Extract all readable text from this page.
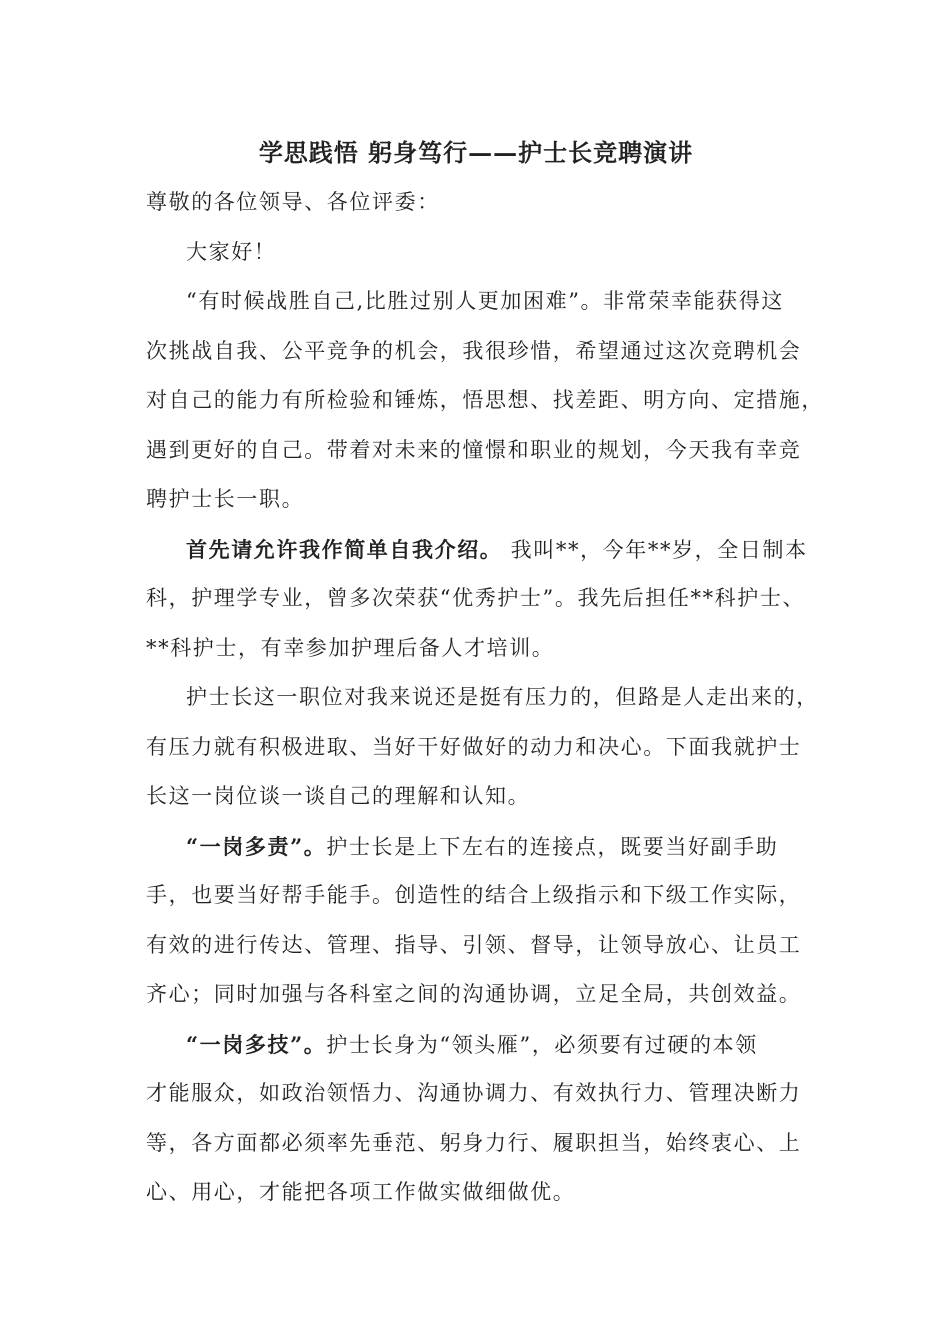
学思践悟 躬身笃行——护士长竞聘演讲
尊敬的各位领导、各位评委：
大家好！
“有时候战胜自己,比胜过别人更加困难”。非常荣幸能获得这
次挑战自我、公平竞争的机会，我很珍惜，希望通过这次竞聘机会
对自己的能力有所检验和锤炼，悟思想、找差距、明方向、定措施，
遇到更好的自己。带着对未来的憧憬和职业的规划，今天我有幸竞
聘护士长一职。
首先请允许我作简单自我介绍。 我叫**，今年**岁，全日制本
科，护理学专业，曾多次荣获“优秀护士”。我先后担任**科护士、
**科护士，有幸参加护理后备人才培训。
护士长这一职位对我来说还是挺有压力的，但路是人走出来的，
有压力就有积极进取、当好干好做好的动力和决心。下面我就护士
长这一岗位谈一谈自己的理解和认知。
“一岗多责”。护士长是上下左右的连接点，既要当好副手助
手，也要当好帮手能手。创造性的结合上级指示和下级工作实际，
有效的进行传达、管理、指导、引领、督导，让领导放心、让员工
齐心；同时加强与各科室之间的沟通协调，立足全局，共创效益。
“一岗多技”。护士长身为“领头雁”，必须要有过硬的本领
才能服众，如政治领悟力、沟通协调力、有效执行力、管理决断力
等，各方面都必须率先垂范、躬身力行、履职担当，始终衷心、上
心、用心，才能把各项工作做实做细做优。
